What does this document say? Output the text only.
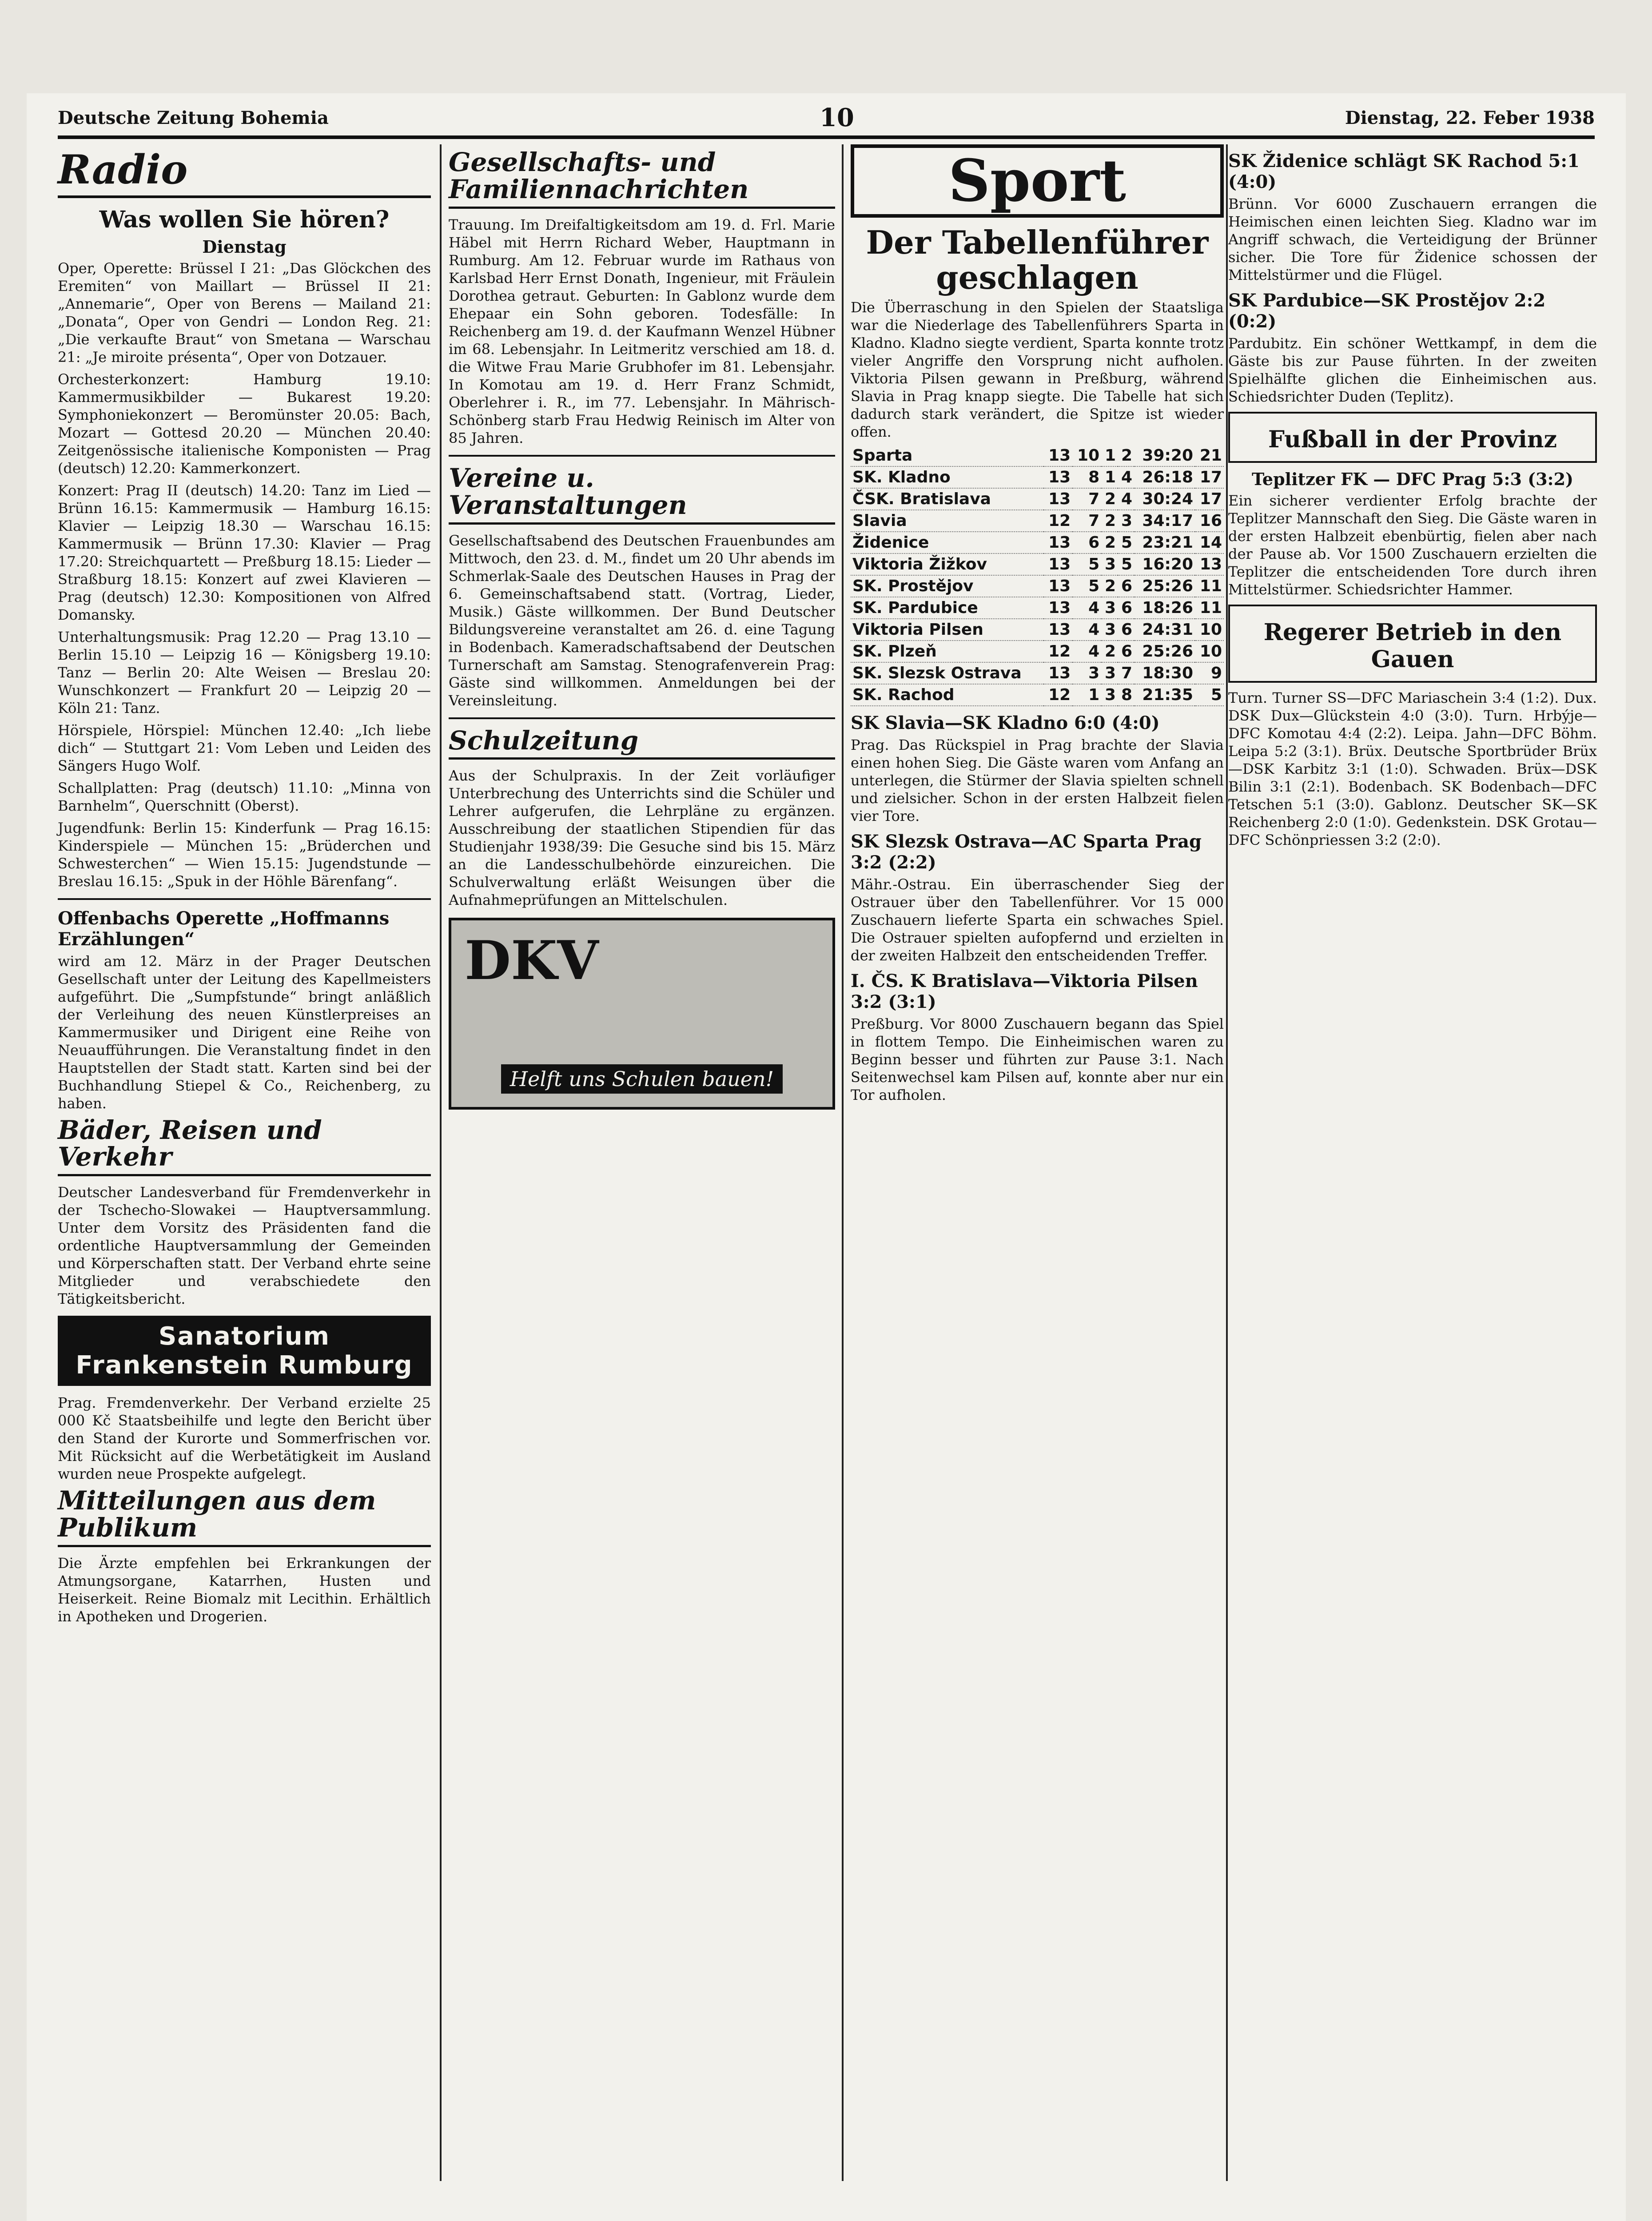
Deutsche Zeitung Bohemia	10	Dienstag, 22. Feber 1938
Radio
Was wollen Sie hören?
Dienstag

Oper, Operette: Brüssel I 21: „Das Glöckchen des Eremiten“ von Maillart — Brüssel II 21: „Annemarie“, Oper von Berens — Mailand 21: „Donata“, Oper von Gendri — London Reg. 21: „Die verkaufte Braut“ von Smetana — Warschau 21: „Je miroite présenta“, Oper von Dotzauer.

Orchesterkonzert: Hamburg 19.10: Kammermusikbilder — Bukarest 19.20: Symphoniekonzert — Beromünster 20.05: Bach, Mozart — Gottesd 20.20 — München 20.40: Zeitgenössische italienische Komponisten — Prag (deutsch) 12.20: Kammerkonzert.

Konzert: Prag II (deutsch) 14.20: Tanz im Lied — Brünn 16.15: Kammermusik — Hamburg 16.15: Klavier — Leipzig 18.30 — Warschau 16.15: Kammermusik — Brünn 17.30: Klavier — Prag 17.20: Streichquartett — Preßburg 18.15: Lieder — Straßburg 18.15: Konzert auf zwei Klavieren — Prag (deutsch) 12.30: Kompositionen von Alfred Domansky.

Unterhaltungsmusik: Prag 12.20 — Prag 13.10 — Berlin 15.10 — Leipzig 16 — Königsberg 19.10: Tanz — Berlin 20: Alte Weisen — Breslau 20: Wunschkonzert — Frankfurt 20 — Leipzig 20 — Köln 21: Tanz.

Hörspiele, Hörspiel: München 12.40: „Ich liebe dich“ — Stuttgart 21: Vom Leben und Leiden des Sängers Hugo Wolf.

Schallplatten: Prag (deutsch) 11.10: „Minna von Barnhelm“, Querschnitt (Oberst).

Jugendfunk: Berlin 15: Kinderfunk — Prag 16.15: Kinderspiele — München 15: „Brüderchen und Schwesterchen“ — Wien 15.15: Jugendstunde — Breslau 16.15: „Spuk in der Höhle Bärenfang“.

Offenbachs Operette „Hoffmanns Erzählungen“

wird am 12. März in der Prager Deutschen Gesellschaft unter der Leitung des Kapellmeisters aufgeführt. Die „Sumpfstunde“ bringt anläßlich der Verleihung des neuen Künstlerpreises an Kammermusiker und Dirigent eine Reihe von Neuaufführungen. Die Veranstaltung findet in den Hauptstellen der Stadt statt. Karten sind bei der Buchhandlung Stiepel & Co., Reichenberg, zu haben.

Bäder, Reisen und Verkehr

Deutscher Landesverband für Fremdenverkehr in der Tschecho-Slowakei — Hauptversammlung. Unter dem Vorsitz des Präsidenten fand die ordentliche Hauptversammlung der Gemeinden und Körperschaften statt. Der Verband ehrte seine Mitglieder und verabschiedete den Tätigkeitsbericht.

Sanatorium Frankenstein Rumburg

Prag. Fremdenverkehr. Der Verband erzielte 25 000 Kč Staatsbeihilfe und legte den Bericht über den Stand der Kurorte und Sommerfrischen vor. Mit Rücksicht auf die Werbetätigkeit im Ausland wurden neue Prospekte aufgelegt.

Mitteilungen aus dem Publikum

Die Ärzte empfehlen bei Erkrankungen der Atmungsorgane, Katarrhen, Husten und Heiserkeit. Reine Biomalz mit Lecithin. Erhältlich in Apotheken und Drogerien.

Gesellschafts- und Familiennachrichten

Trauung. Im Dreifaltigkeitsdom am 19. d. Frl. Marie Häbel mit Herrn Richard Weber, Hauptmann in Rumburg. Am 12. Februar wurde im Rathaus von Karlsbad Herr Ernst Donath, Ingenieur, mit Fräulein Dorothea getraut. Geburten: In Gablonz wurde dem Ehepaar ein Sohn geboren. Todesfälle: In Reichenberg am 19. d. der Kaufmann Wenzel Hübner im 68. Lebensjahr. In Leitmeritz verschied am 18. d. die Witwe Frau Marie Grubhofer im 81. Lebensjahr. In Komotau am 19. d. Herr Franz Schmidt, Oberlehrer i. R., im 77. Lebensjahr. In Mährisch-Schönberg starb Frau Hedwig Reinisch im Alter von 85 Jahren.

Vereine u. Veranstaltungen

Gesellschaftsabend des Deutschen Frauenbundes am Mittwoch, den 23. d. M., findet um 20 Uhr abends im Schmerlak-Saale des Deutschen Hauses in Prag der 6. Gemeinschaftsabend statt. (Vortrag, Lieder, Musik.) Gäste willkommen. Der Bund Deutscher Bildungsvereine veranstaltet am 26. d. eine Tagung in Bodenbach. Kameradschaftsabend der Deutschen Turnerschaft am Samstag. Stenografenverein Prag: Gäste sind willkommen. Anmeldungen bei der Vereinsleitung.

Schulzeitung

Aus der Schulpraxis. In der Zeit vorläufiger Unterbrechung des Unterrichts sind die Schüler und Lehrer aufgerufen, die Lehrpläne zu ergänzen. Ausschreibung der staatlichen Stipendien für das Studienjahr 1938/39: Die Gesuche sind bis 15. März an die Landesschulbehörde einzureichen. Die Schulverwaltung erläßt Weisungen über die Aufnahmeprüfungen an Mittelschulen.

DKV
Helft uns Schulen bauen!
Sport
Der Tabellenführer geschlagen

Die Überraschung in den Spielen der Staatsliga war die Niederlage des Tabellenführers Sparta in Kladno. Kladno siegte verdient, Sparta konnte trotz vieler Angriffe den Vorsprung nicht aufholen. Viktoria Pilsen gewann in Preßburg, während Slavia in Prag knapp siegte. Die Tabelle hat sich dadurch stark verändert, die Spitze ist wieder offen.

Sparta	13	10	1	2	39:20	21
SK. Kladno	13	8	1	4	26:18	17
ČSK. Bratislava	13	7	2	4	30:24	17
Slavia	12	7	2	3	34:17	16
Židenice	13	6	2	5	23:21	14
Viktoria Žižkov	13	5	3	5	16:20	13
SK. Prostějov	13	5	2	6	25:26	11
SK. Pardubice	13	4	3	6	18:26	11
Viktoria Pilsen	13	4	3	6	24:31	10
SK. Plzeň	12	4	2	6	25:26	10
SK. Slezsk Ostrava	13	3	3	7	18:30	9
SK. Rachod	12	1	3	8	21:35	5
SK Slavia—SK Kladno 6:0 (4:0)

Prag. Das Rückspiel in Prag brachte der Slavia einen hohen Sieg. Die Gäste waren vom Anfang an unterlegen, die Stürmer der Slavia spielten schnell und zielsicher. Schon in der ersten Halbzeit fielen vier Tore.

SK Slezsk Ostrava—AC Sparta Prag 3:2 (2:2)

Mähr.-Ostrau. Ein überraschender Sieg der Ostrauer über den Tabellenführer. Vor 15 000 Zuschauern lieferte Sparta ein schwaches Spiel. Die Ostrauer spielten aufopfernd und erzielten in der zweiten Halbzeit den entscheidenden Treffer.

I. ČS. K Bratislava—Viktoria Pilsen 3:2 (3:1)

Preßburg. Vor 8000 Zuschauern begann das Spiel in flottem Tempo. Die Einheimischen waren zu Beginn besser und führten zur Pause 3:1. Nach Seitenwechsel kam Pilsen auf, konnte aber nur ein Tor aufholen.

SK Židenice schlägt SK Rachod 5:1 (4:0)

Brünn. Vor 6000 Zuschauern errangen die Heimischen einen leichten Sieg. Kladno war im Angriff schwach, die Verteidigung der Brünner sicher. Die Tore für Židenice schossen der Mittelstürmer und die Flügel.

SK Pardubice—SK Prostějov 2:2 (0:2)

Pardubitz. Ein schöner Wettkampf, in dem die Gäste bis zur Pause führten. In der zweiten Spielhälfte glichen die Einheimischen aus. Schiedsrichter Duden (Teplitz).

Fußball in der Provinz
Teplitzer FK — DFC Prag 5:3 (3:2)

Ein sicherer verdienter Erfolg brachte der Teplitzer Mannschaft den Sieg. Die Gäste waren in der ersten Halbzeit ebenbürtig, fielen aber nach der Pause ab. Vor 1500 Zuschauern erzielten die Teplitzer die entscheidenden Tore durch ihren Mittelstürmer. Schiedsrichter Hammer.

Regerer Betrieb in den Gauen

Turn. Turner SS—DFC Mariaschein 3:4 (1:2). Dux. DSK Dux—Glückstein 4:0 (3:0). Turn. Hrbýje—DFC Komotau 4:4 (2:2). Leipa. Jahn—DFC Böhm. Leipa 5:2 (3:1). Brüx. Deutsche Sportbrüder Brüx—DSK Karbitz 3:1 (1:0). Schwaden. Brüx—DSK Bilin 3:1 (2:1). Bodenbach. SK Bodenbach—DFC Tetschen 5:1 (3:0). Gablonz. Deutscher SK—SK Reichenberg 2:0 (1:0). Gedenkstein. DSK Grotau—DFC Schönpriessen 3:2 (2:0).
